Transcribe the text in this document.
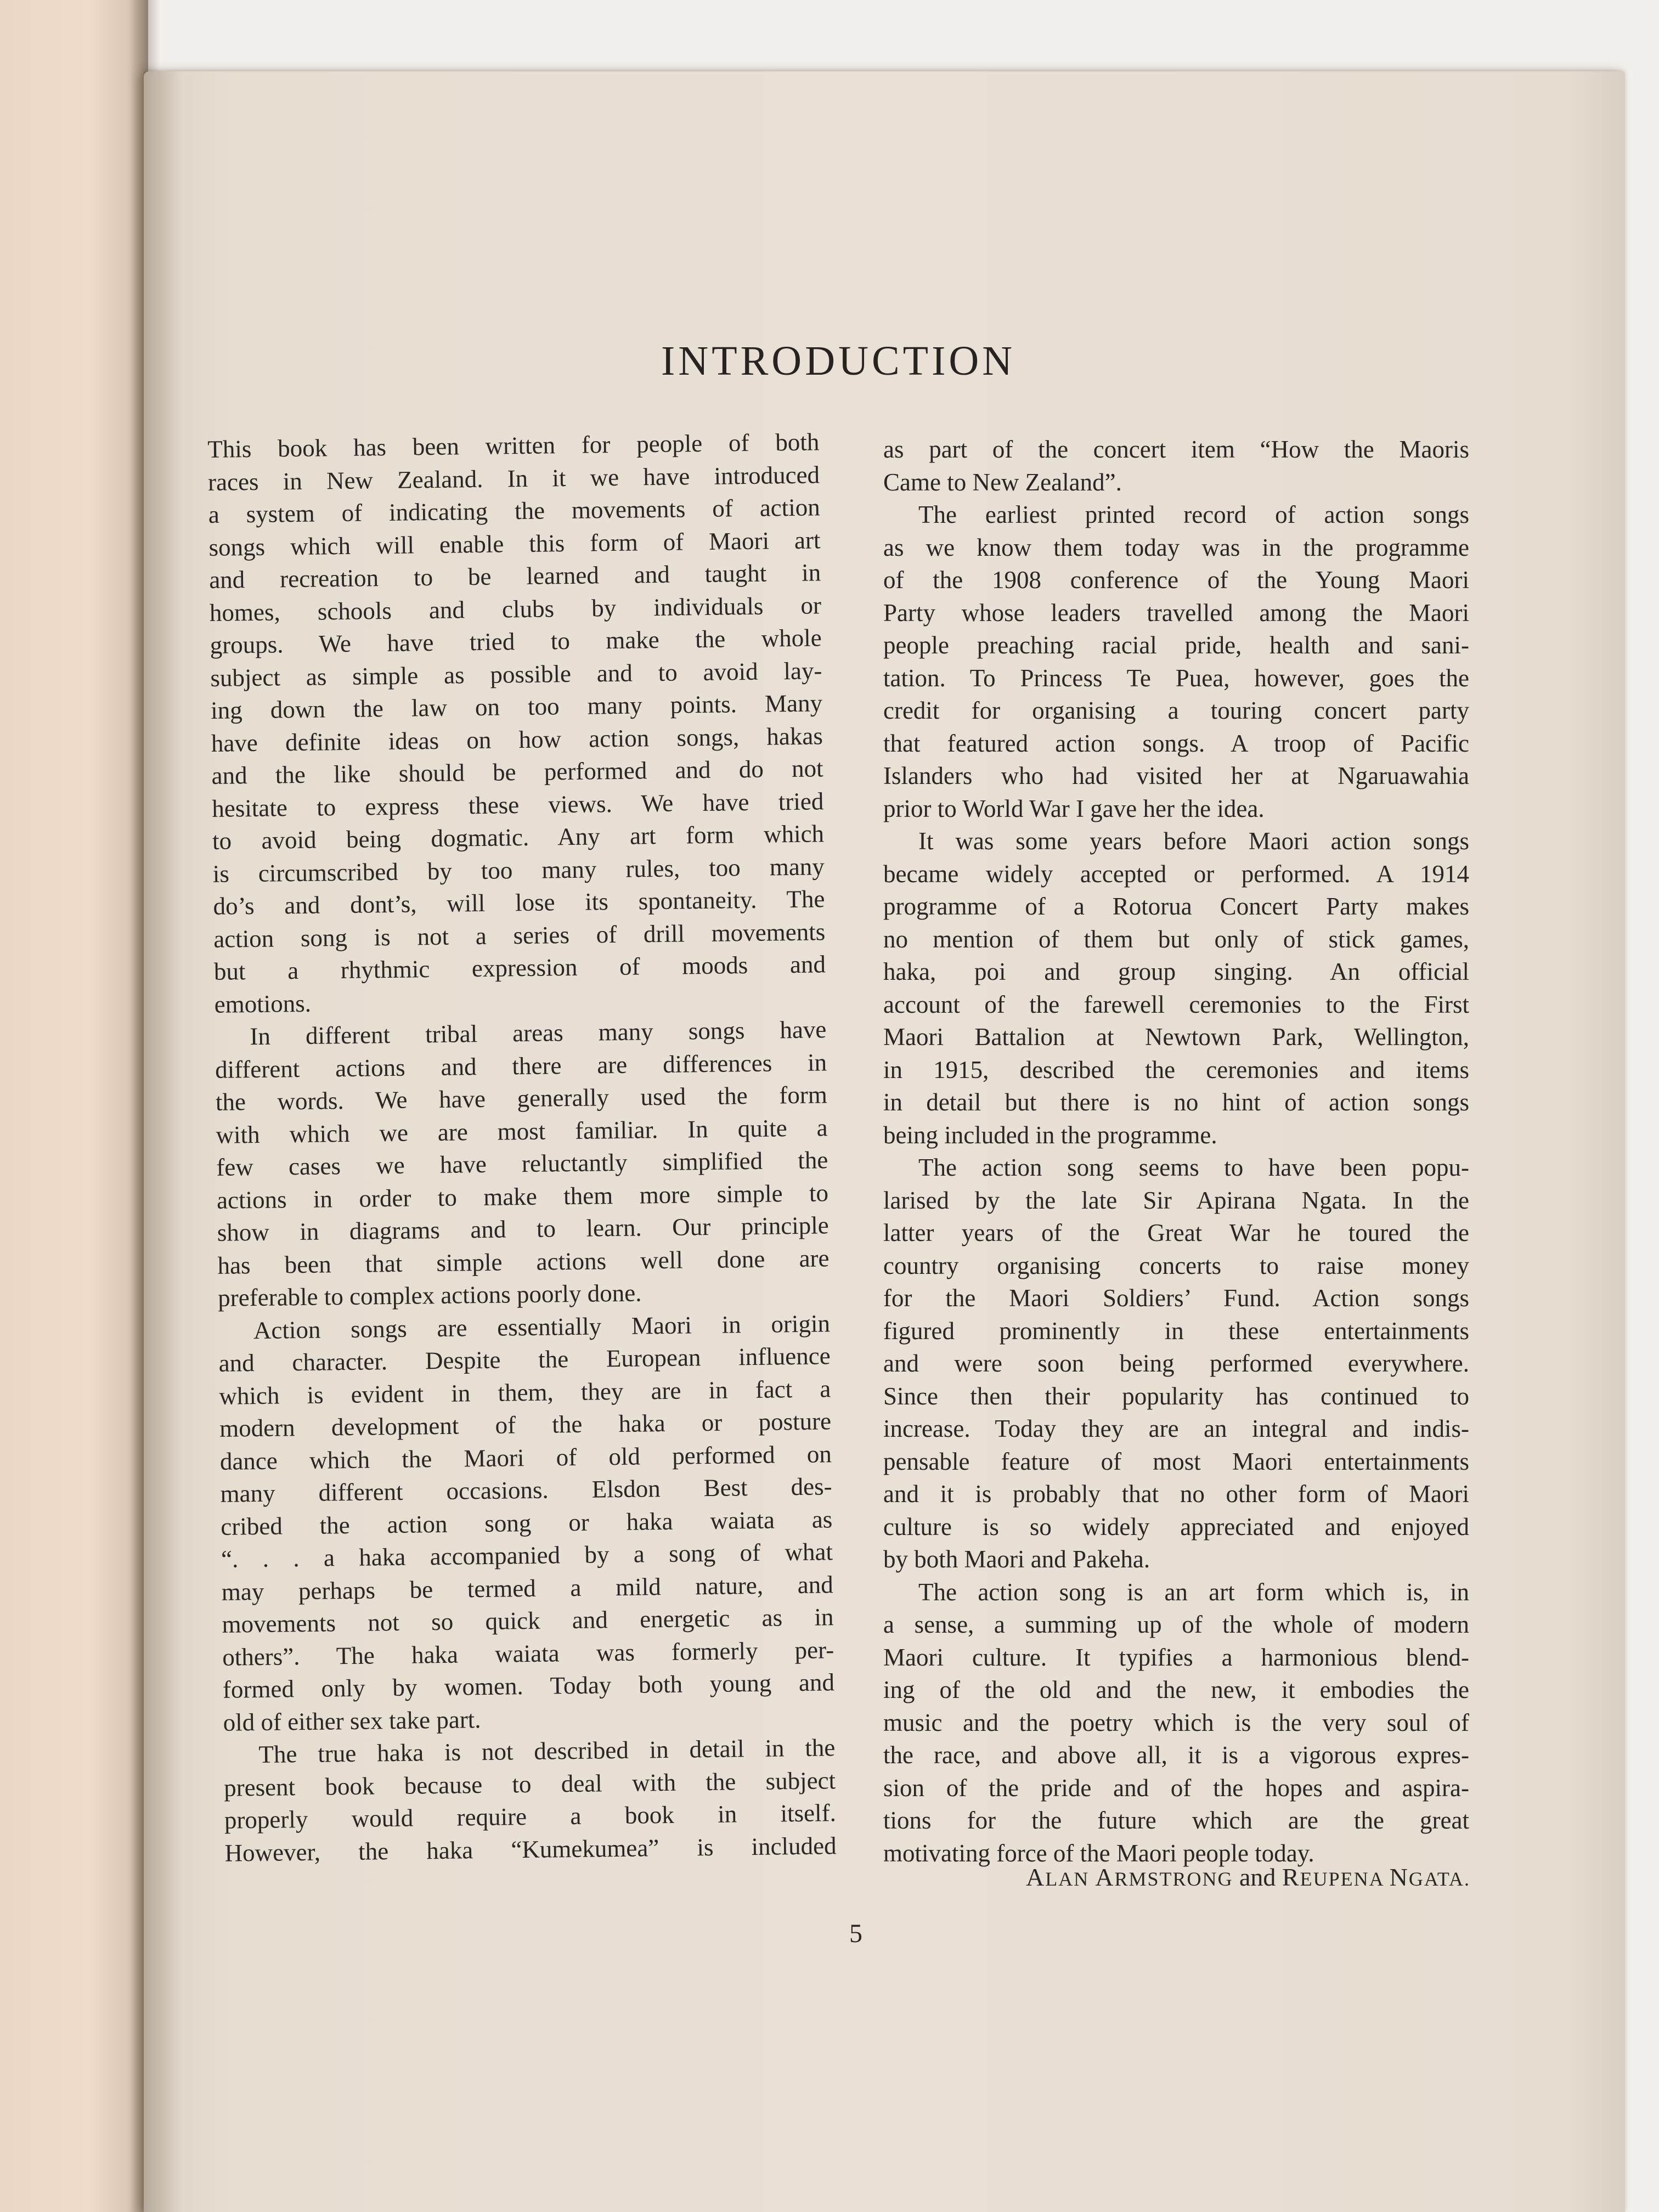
INTRODUCTION
This book has been written for people of both
races in New Zealand. In it we have introduced
a system of indicating the movements of action
songs which will enable this form of Maori art
and recreation to be learned and taught in
homes, schools and clubs by individuals or
groups. We have tried to make the whole
subject as simple as possible and to avoid lay-
ing down the law on too many points. Many
have definite ideas on how action songs, hakas
and the like should be performed and do not
hesitate to express these views. We have tried
to avoid being dogmatic. Any art form which
is circumscribed by too many rules, too many
do’s and dont’s, will lose its spontaneity. The
action song is not a series of drill movements
but a rhythmic expression of moods and
emotions.
In different tribal areas many songs have
different actions and there are differences in
the words. We have generally used the form
with which we are most familiar. In quite a
few cases we have reluctantly simplified the
actions in order to make them more simple to
show in diagrams and to learn. Our principle
has been that simple actions well done are
preferable to complex actions poorly done.
Action songs are essentially Maori in origin
and character. Despite the European influence
which is evident in them, they are in fact a
modern development of the haka or posture
dance which the Maori of old performed on
many different occasions. Elsdon Best des-
cribed the action song or haka waiata as
“. . . a haka accompanied by a song of what
may perhaps be termed a mild nature, and
movements not so quick and energetic as in
others”. The haka waiata was formerly per-
formed only by women. Today both young and
old of either sex take part.
The true haka is not described in detail in the
present book because to deal with the subject
properly would require a book in itself.
However, the haka “Kumekumea” is included
as part of the concert item “How the Maoris
Came to New Zealand”.
The earliest printed record of action songs
as we know them today was in the programme
of the 1908 conference of the Young Maori
Party whose leaders travelled among the Maori
people preaching racial pride, health and sani-
tation. To Princess Te Puea, however, goes the
credit for organising a touring concert party
that featured action songs. A troop of Pacific
Islanders who had visited her at Ngaruawahia
prior to World War I gave her the idea.
It was some years before Maori action songs
became widely accepted or performed. A 1914
programme of a Rotorua Concert Party makes
no mention of them but only of stick games,
haka, poi and group singing. An official
account of the farewell ceremonies to the First
Maori Battalion at Newtown Park, Wellington,
in 1915, described the ceremonies and items
in detail but there is no hint of action songs
being included in the programme.
The action song seems to have been popu-
larised by the late Sir Apirana Ngata. In the
latter years of the Great War he toured the
country organising concerts to raise money
for the Maori Soldiers’ Fund. Action songs
figured prominently in these entertainments
and were soon being performed everywhere.
Since then their popularity has continued to
increase. Today they are an integral and indis-
pensable feature of most Maori entertainments
and it is probably that no other form of Maori
culture is so widely appreciated and enjoyed
by both Maori and Pakeha.
The action song is an art form which is, in
a sense, a summing up of the whole of modern
Maori culture. It typifies a harmonious blend-
ing of the old and the new, it embodies the
music and the poetry which is the very soul of
the race, and above all, it is a vigorous expres-
sion of the pride and of the hopes and aspira-
tions for the future which are the great
motivating force of the Maori people today.
ALAN ARMSTRONG and REUPENA NGATA.
5
